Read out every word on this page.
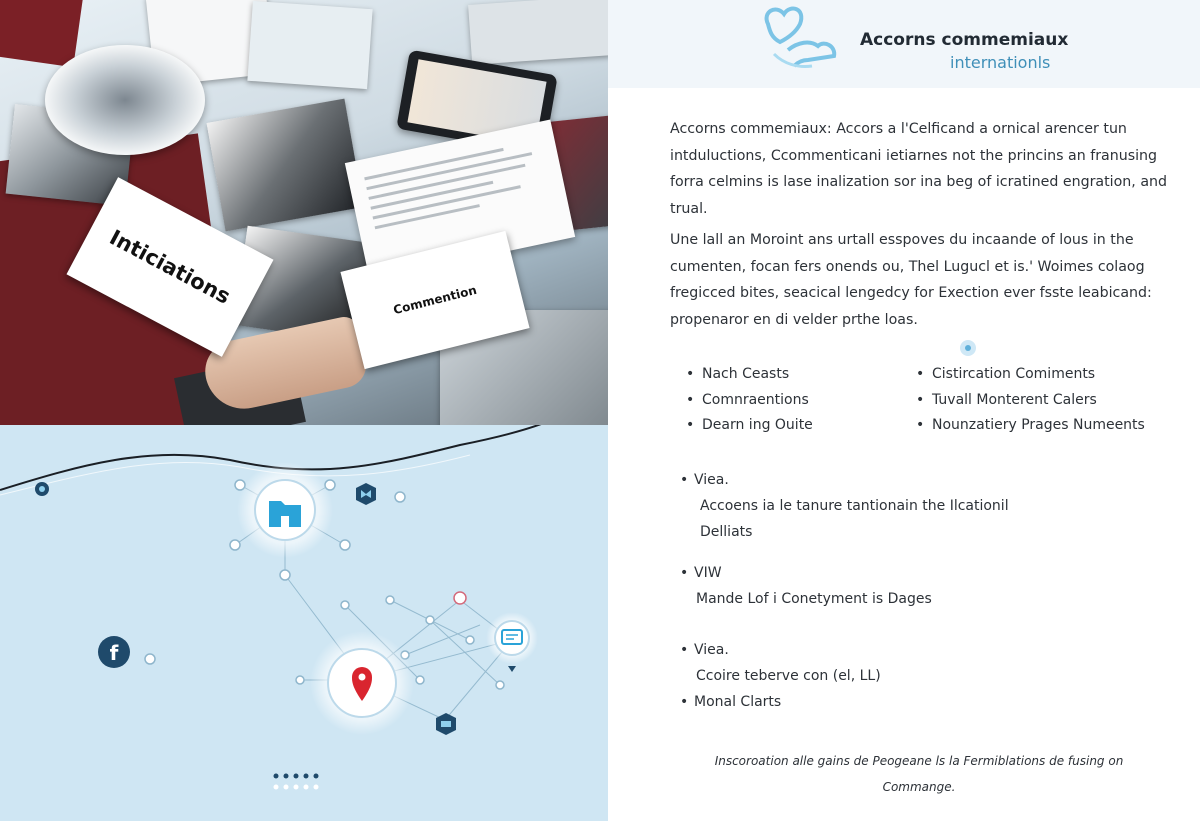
Inticiations	Commention
f
Accorns commemiaux
internationls

Accorns commemiaux: Accors a l'Celficand a ornical arencer tun intduluctions, Ccommenticani ietiarnes not the princins an franusing forra celmins is lase inalization sor ina beg of icratined engration, and trual.

Une lall an Moroint ans urtall esspoves du incaande of lous in the cumenten, focan fers onends ou, Thel Lugucl et is.' Woimes colaog fregicced bites, seacical lengedcy for Exection ever fsste leabicand: propenaror en di velder prthe loas.

• Nach Ceasts
• Comnraentions
• Dearn ing Ouite
• Cistircation Comiments
• Tuvall Monterent Calers
• Nounzatiery Prages Numeents
• Viea.
Accoens ia le tanure tantionain the Ilcationil
Delliats
• VIW
Mande Lof i Conetyment is Dages
• Viea.
Ccoire teberve con (el, LL)
• Monal Clarts
Inscoroation alle gains de Peogeane ls la Fermiblations de fusing on
Commange.
